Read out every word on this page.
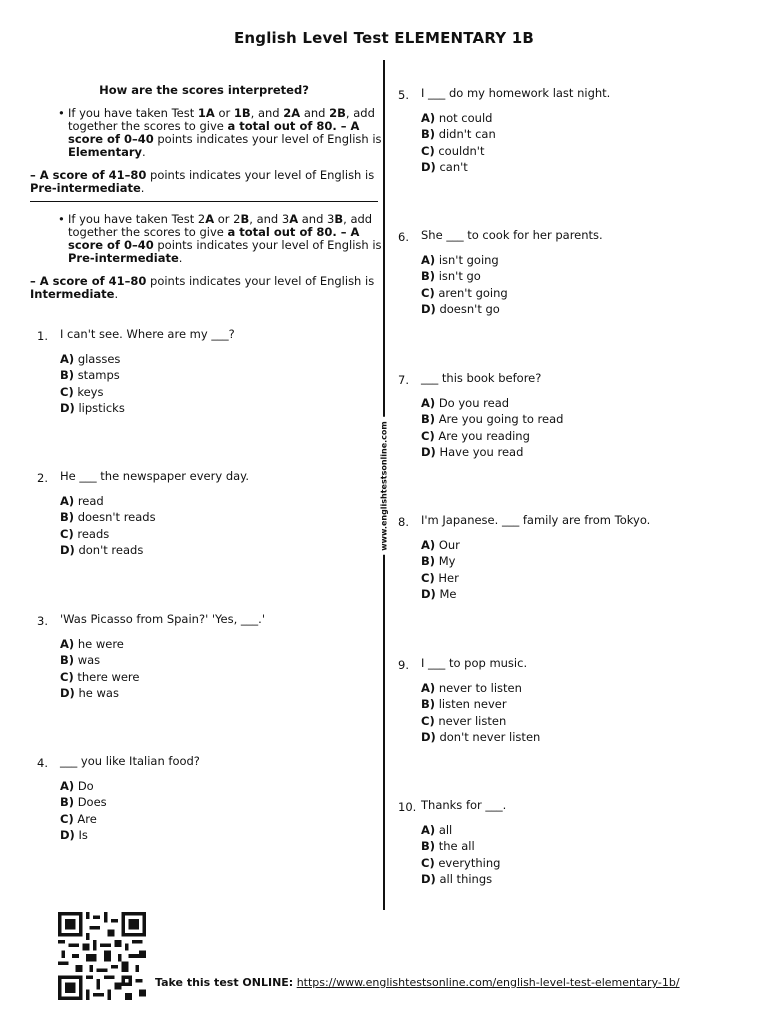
English Level Test ELEMENTARY 1B
www.englishtestsonline.com
How are the scores interpreted?
• If you have taken Test 1A or 1B, and 2A and 2B, add together the scores to give a total out of 80. – A score of 0–40 points indicates your level of English is Elementary.
– A score of 41–80 points indicates your level of English is Pre-intermediate.
• If you have taken Test 2A or 2B, and 3A and 3B, add together the scores to give a total out of 80. – A score of 0–40 points indicates your level of English is Pre-intermediate.
– A score of 41–80 points indicates your level of English is Intermediate.
1.	I can't see. Where are my ___?
A) glasses
B) stamps
C) keys
D) lipsticks
2.	He ___ the newspaper every day.
A) read
B) doesn't reads
C) reads
D) don't reads
3.	'Was Picasso from Spain?' 'Yes, ___.'
A) he were
B) was
C) there were
D) he was
4.	___ you like Italian food?
A) Do
B) Does
C) Are
D) Is
5.	I ___ do my homework last night.
A) not could
B) didn't can
C) couldn't
D) can't
6.	She ___ to cook for her parents.
A) isn't going
B) isn't go
C) aren't going
D) doesn't go
7.	___ this book before?
A) Do you read
B) Are you going to read
C) Are you reading
D) Have you read
8.	I'm Japanese. ___ family are from Tokyo.
A) Our
B) My
C) Her
D) Me
9.	I ___ to pop music.
A) never to listen
B) listen never
C) never listen
D) don't never listen
10. Thanks for ___.
A) all
B) the all
C) everything
D) all things
Take this test ONLINE: https://www.englishtestsonline.com/english-level-test-elementary-1b/
